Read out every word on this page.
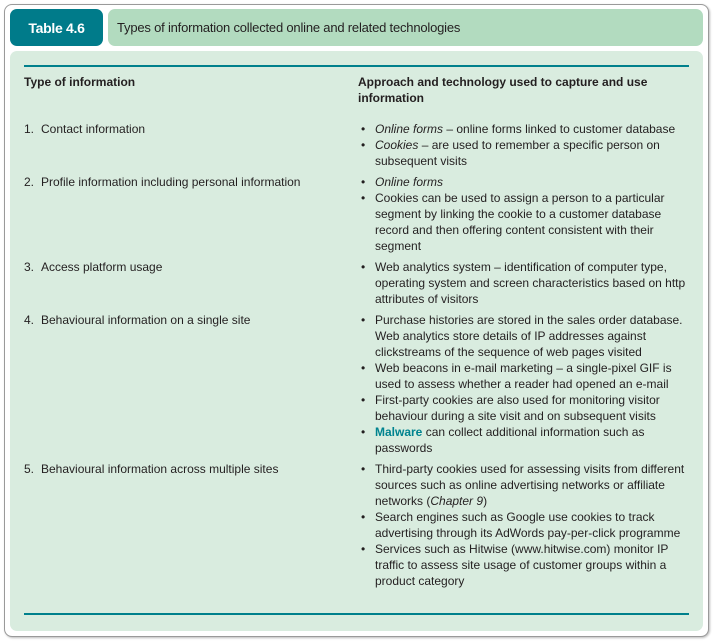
Table 4.6	Types of information collected online and related technologies
Type of information	Approach and technology used to capture and use information
1. Contact information	• Online forms – online forms linked to customer database
• Cookies – are used to remember a specific person on subsequent visits
2. Profile information including personal information	• Online forms
• Cookies can be used to assign a person to a particular segment by linking the cookie to a customer database record and then offering content consistent with their segment
3. Access platform usage	• Web analytics system – identification of computer type, operating system and screen characteristics based on http attributes of visitors
4. Behavioural information on a single site	• Purchase histories are stored in the sales order database. Web analytics store details of IP addresses against clickstreams of the sequence of web pages visited
• Web beacons in e-mail marketing – a single-pixel GIF is used to assess whether a reader had opened an e-mail
• First-party cookies are also used for monitoring visitor behaviour during a site visit and on subsequent visits
• Malware can collect additional information such as passwords
5. Behavioural information across multiple sites	• Third-party cookies used for assessing visits from different sources such as online advertising networks or affiliate networks (Chapter 9)
• Search engines such as Google use cookies to track advertising through its AdWords pay-per-click programme
• Services such as Hitwise (www.hitwise.com) monitor IP traffic to assess site usage of customer groups within a product category
